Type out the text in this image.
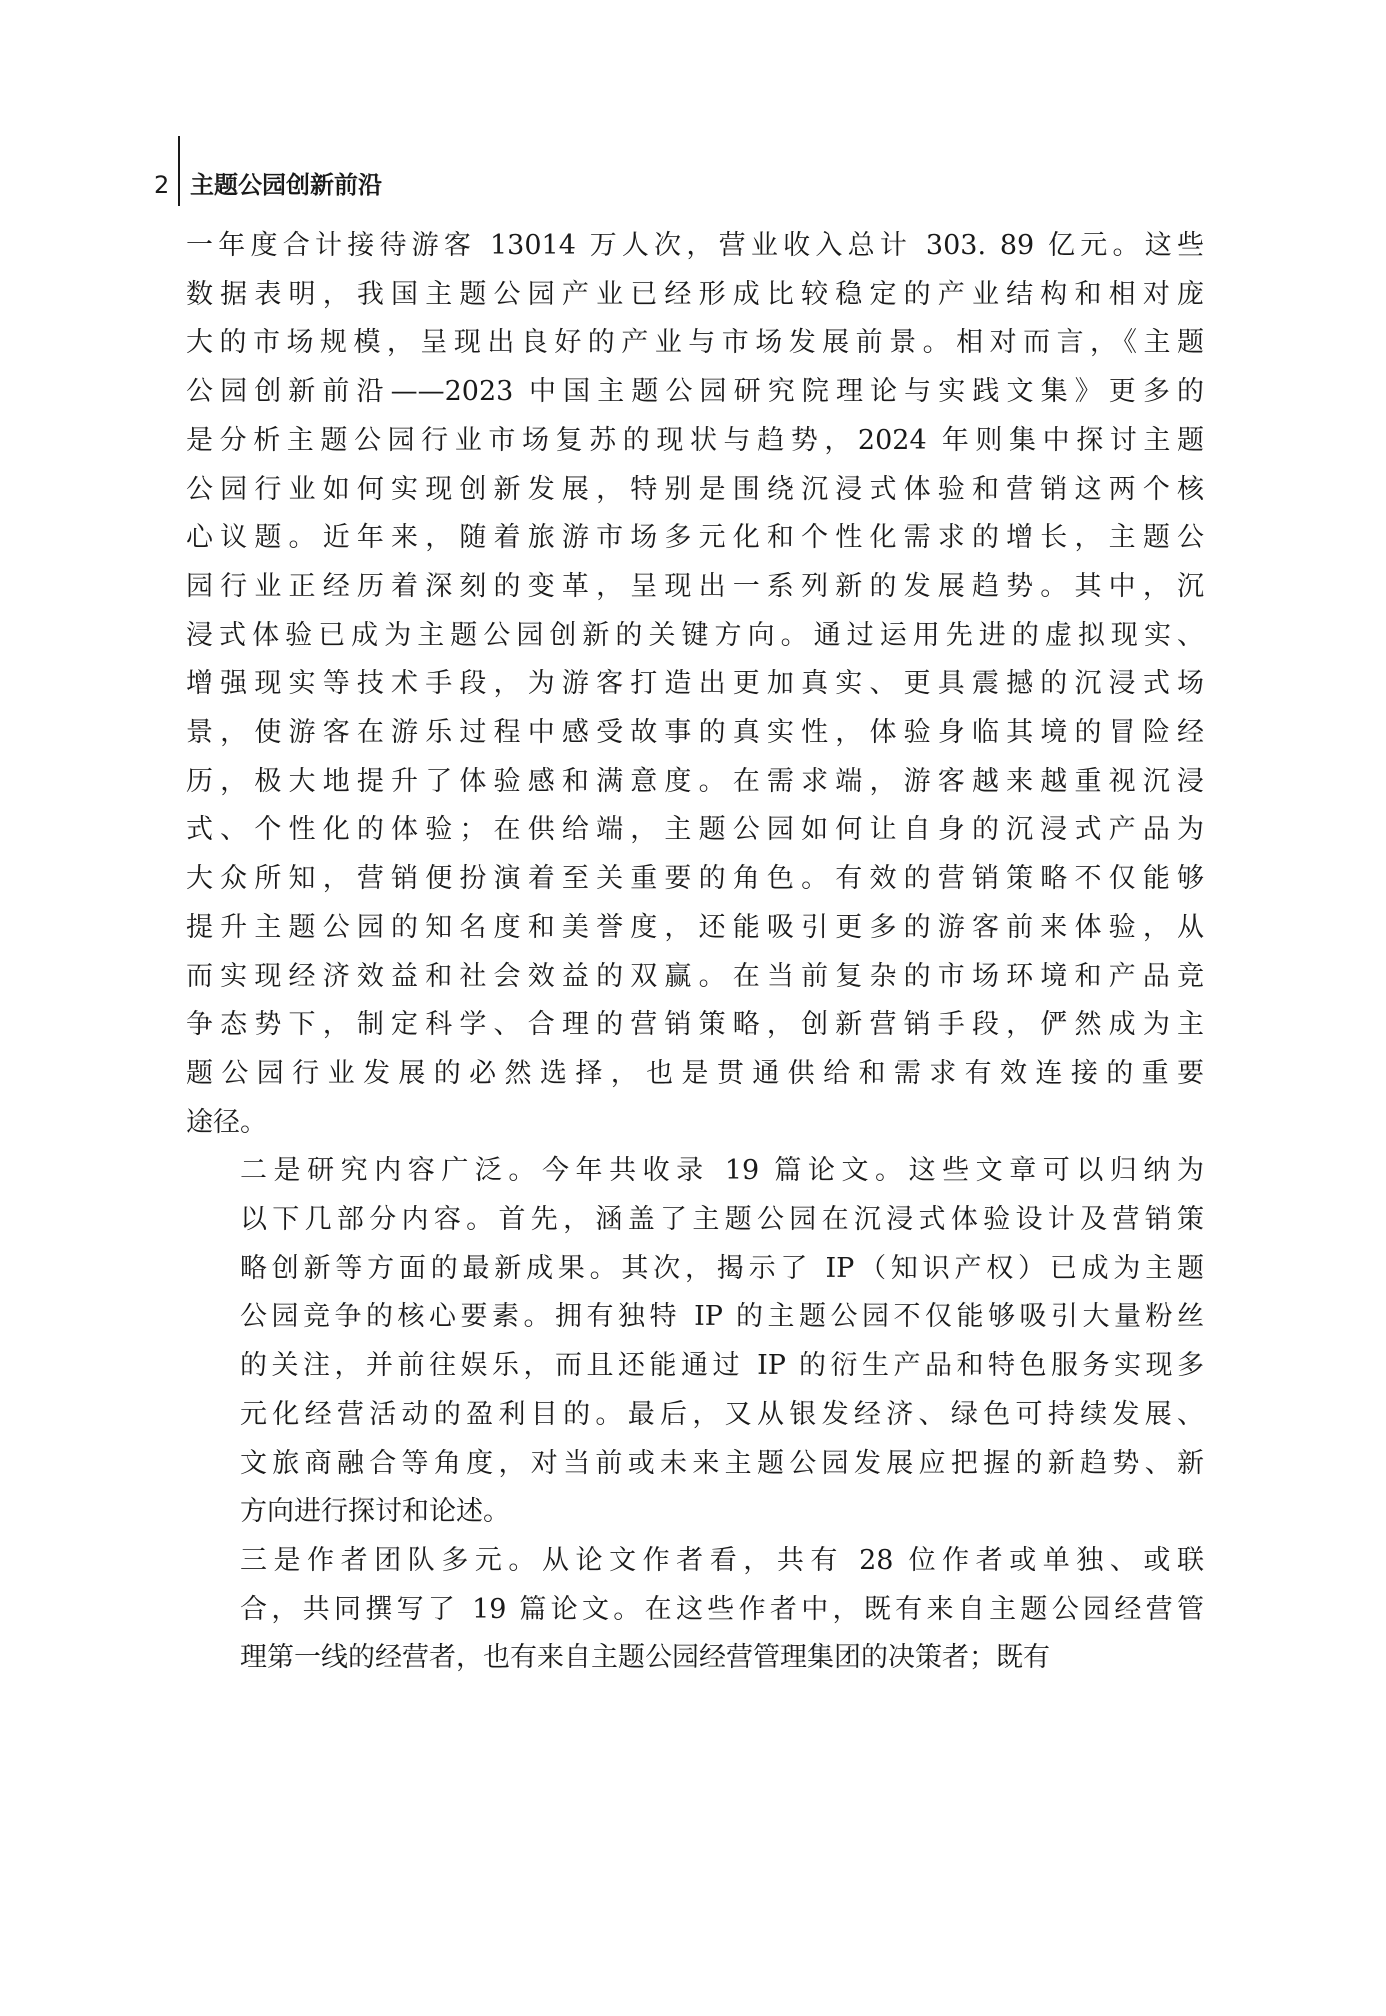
2 主题公园创新前沿

一年度合计接待游客 13014 万人次，营业收入总计 303. 89 亿元。这些
数据表明，我国主题公园产业已经形成比较稳定的产业结构和相对庞
大的市场规模，呈现出良好的产业与市场发展前景。相对而言，《主题
公园创新前沿——2023 中国主题公园研究院理论与实践文集》更多的
是分析主题公园行业市场复苏的现状与趋势，2024 年则集中探讨主题
公园行业如何实现创新发展，特别是围绕沉浸式体验和营销这两个核
心议题。近年来，随着旅游市场多元化和个性化需求的增长，主题公
园行业正经历着深刻的变革，呈现出一系列新的发展趋势。其中，沉
浸式体验已成为主题公园创新的关键方向。通过运用先进的虚拟现实、
增强现实等技术手段，为游客打造出更加真实、更具震撼的沉浸式场
景，使游客在游乐过程中感受故事的真实性，体验身临其境的冒险经
历，极大地提升了体验感和满意度。在需求端，游客越来越重视沉浸
式、个性化的体验；在供给端，主题公园如何让自身的沉浸式产品为
大众所知，营销便扮演着至关重要的角色。有效的营销策略不仅能够
提升主题公园的知名度和美誉度，还能吸引更多的游客前来体验，从
而实现经济效益和社会效益的双赢。在当前复杂的市场环境和产品竞
争态势下，制定科学、合理的营销策略，创新营销手段，俨然成为主
题公园行业发展的必然选择，也是贯通供给和需求有效连接的重要
途径。

二是研究内容广泛。今年共收录 19 篇论文。这些文章可以归纳为
以下几部分内容。首先，涵盖了主题公园在沉浸式体验设计及营销策
略创新等方面的最新成果。其次，揭示了 IP（知识产权）已成为主题
公园竞争的核心要素。拥有独特 IP 的主题公园不仅能够吸引大量粉丝
的关注，并前往娱乐，而且还能通过 IP 的衍生产品和特色服务实现多
元化经营活动的盈利目的。最后，又从银发经济、绿色可持续发展、
文旅商融合等角度，对当前或未来主题公园发展应把握的新趋势、新
方向进行探讨和论述。

三是作者团队多元。从论文作者看，共有 28 位作者或单独、或联
合，共同撰写了 19 篇论文。在这些作者中，既有来自主题公园经营管
理第一线的经营者，也有来自主题公园经营管理集团的决策者；既有
